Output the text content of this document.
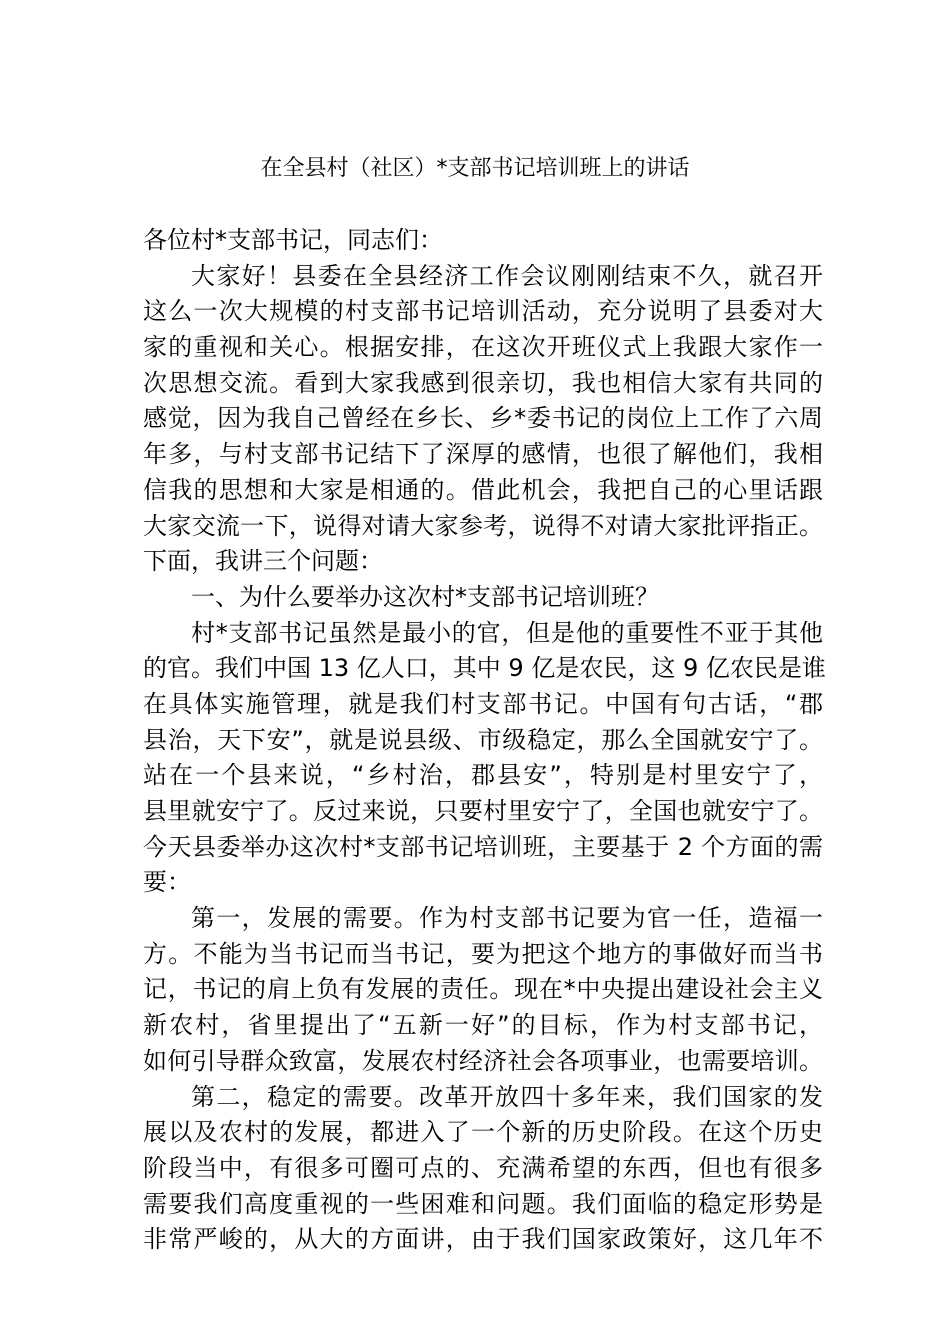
在全县村（社区）*支部书记培训班上的讲话
各位村*支部书记，同志们：
大家好！县委在全县经济工作会议刚刚结束不久，就召开
这么一次大规模的村支部书记培训活动，充分说明了县委对大
家的重视和关心。根据安排，在这次开班仪式上我跟大家作一
次思想交流。看到大家我感到很亲切，我也相信大家有共同的
感觉，因为我自己曾经在乡长、乡*委书记的岗位上工作了六周
年多，与村支部书记结下了深厚的感情，也很了解他们，我相
信我的思想和大家是相通的。借此机会，我把自己的心里话跟
大家交流一下，说得对请大家参考，说得不对请大家批评指正。
下面，我讲三个问题：
一、为什么要举办这次村*支部书记培训班？
村*支部书记虽然是最小的官，但是他的重要性不亚于其他
的官。我们中国 13 亿人口，其中 9 亿是农民，这 9 亿农民是谁
在具体实施管理，就是我们村支部书记。中国有句古话，“郡
县治，天下安”，就是说县级、市级稳定，那么全国就安宁了。
站在一个县来说，“乡村治，郡县安”，特别是村里安宁了，
县里就安宁了。反过来说，只要村里安宁了，全国也就安宁了。
今天县委举办这次村*支部书记培训班，主要基于 2 个方面的需
要：
第一，发展的需要。作为村支部书记要为官一任，造福一
方。不能为当书记而当书记，要为把这个地方的事做好而当书
记，书记的肩上负有发展的责任。现在*中央提出建设社会主义
新农村，省里提出了“五新一好”的目标，作为村支部书记，
如何引导群众致富，发展农村经济社会各项事业，也需要培训。
第二，稳定的需要。改革开放四十多年来，我们国家的发
展以及农村的发展，都进入了一个新的历史阶段。在这个历史
阶段当中，有很多可圈可点的、充满希望的东西，但也有很多
需要我们高度重视的一些困难和问题。我们面临的稳定形势是
非常严峻的，从大的方面讲，由于我们国家政策好，这几年不
